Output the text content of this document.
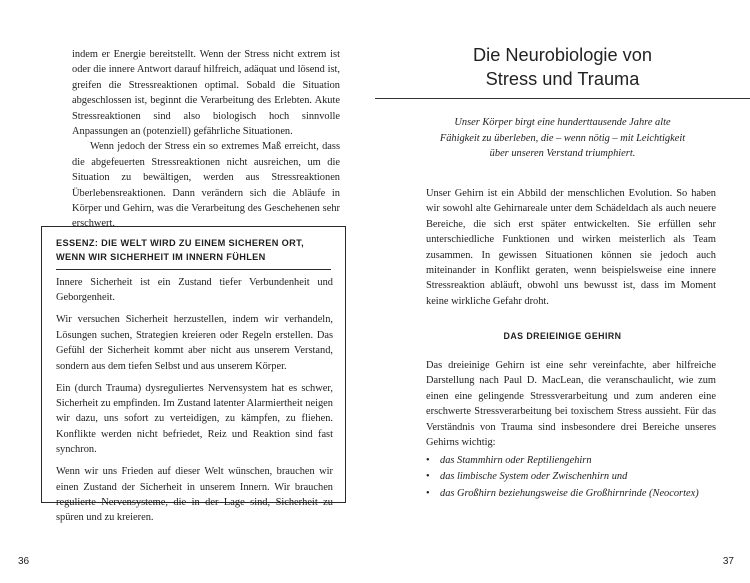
indem er Energie bereitstellt. Wenn der Stress nicht extrem ist oder die innere Antwort darauf hilfreich, adäquat und lösend ist, greifen die Stressreaktionen optimal. Sobald die Situation abgeschlossen ist, beginnt die Verarbeitung des Erlebten. Akute Stressreaktionen sind also biologisch hoch sinnvolle Anpassungen an (potenziell) gefährliche Situationen.

Wenn jedoch der Stress ein so extremes Maß erreicht, dass die abgefeuerten Stressreaktionen nicht ausreichen, um die Situation zu bewältigen, werden aus Stressreaktionen Überlebensreaktionen. Dann verändern sich die Abläufe in Körper und Gehirn, was die Verarbeitung des Geschehenen sehr erschwert.

ESSENZ: DIE WELT WIRD ZU EINEM SICHEREN ORT, WENN WIR SICHERHEIT IM INNERN FÜHLEN

Innere Sicherheit ist ein Zustand tiefer Verbundenheit und Geborgenheit.

Wir versuchen Sicherheit herzustellen, indem wir verhandeln, Lösungen suchen, Strategien kreieren oder Regeln erstellen. Das Gefühl der Sicherheit kommt aber nicht aus unserem Verstand, sondern aus dem tiefen Selbst und aus unserem Körper.

Ein (durch Trauma) dysreguliertes Nervensystem hat es schwer, Sicherheit zu empfinden. Im Zustand latenter Alarmiertheit neigen wir dazu, uns sofort zu verteidigen, zu kämpfen, zu fliehen. Konflikte werden nicht befriedet, Reiz und Reaktion sind fast synchron.

Wenn wir uns Frieden auf dieser Welt wünschen, brauchen wir einen Zustand der Sicherheit in unserem Innern. Wir brauchen regulierte Nervensysteme, die in der Lage sind, Sicherheit zu spüren und zu kreieren.

36
Die Neurobiologie von
Stress und Trauma

Unser Körper birgt eine hunderttausende Jahre alte
Fähigkeit zu überleben, die – wenn nötig – mit Leichtigkeit
über unseren Verstand triumphiert.

Unser Gehirn ist ein Abbild der menschlichen Evolution. So haben wir sowohl alte Gehirnareale unter dem Schädeldach als auch neuere Bereiche, die sich erst später entwickelten. Sie erfüllen sehr unterschiedliche Funktionen und wirken meisterlich als Team zusammen. In gewissen Situationen können sie jedoch auch miteinander in Konflikt geraten, wenn beispielsweise eine innere Stressreaktion abläuft, obwohl uns bewusst ist, dass im Moment keine wirkliche Gefahr droht.

DAS DREIEINIGE GEHIRN

Das dreieinige Gehirn ist eine sehr vereinfachte, aber hilfreiche Darstellung nach Paul D. MacLean, die veranschaulicht, wie zum einen eine gelingende Stressverarbeitung und zum anderen eine erschwerte Stressverarbeitung bei toxischem Stress aussieht. Für das Verständnis von Trauma sind insbesondere drei Bereiche unseres Gehirns wichtig:

• das Stammhirn oder Reptiliengehirn
• das limbische System oder Zwischenhirn und
• das Großhirn beziehungsweise die Großhirnrinde (Neocortex)
37
